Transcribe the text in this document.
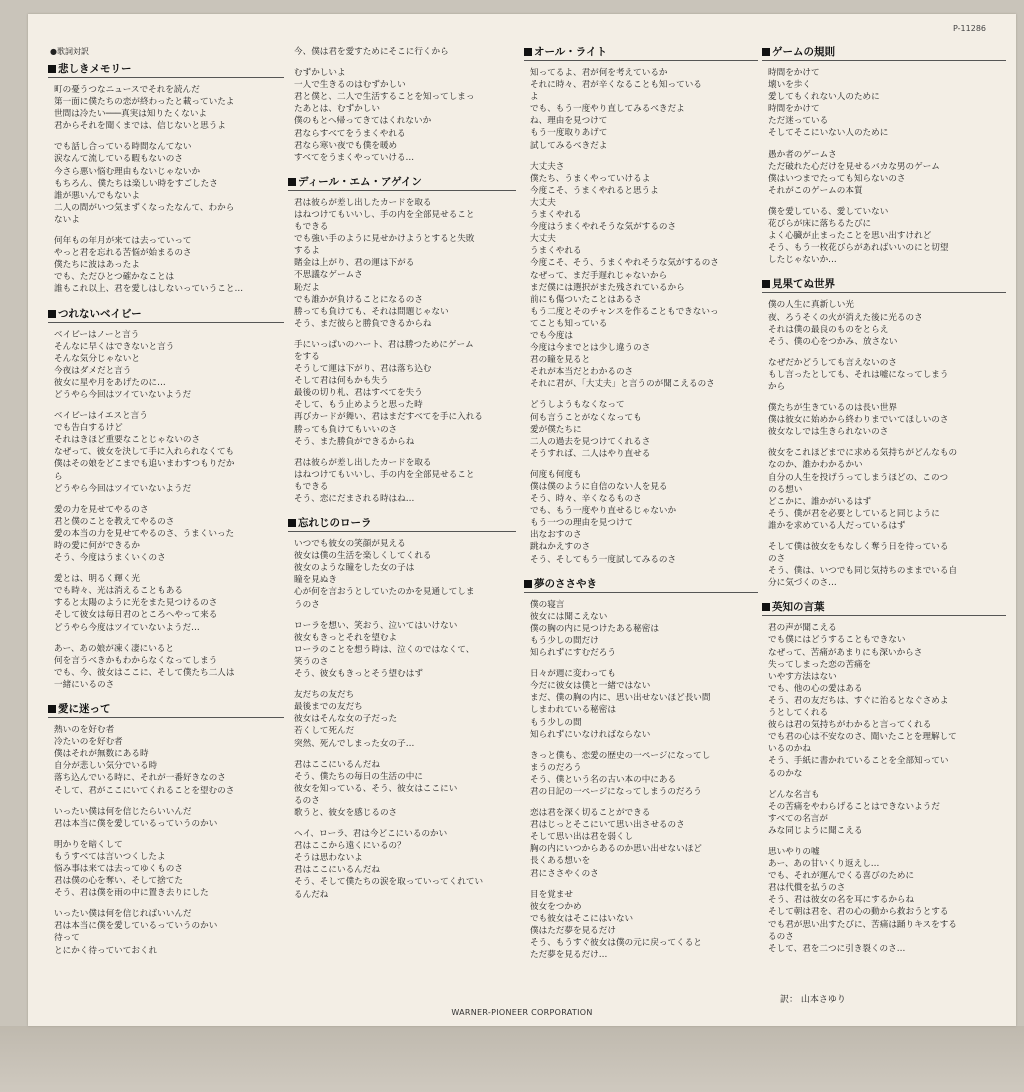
P-11286
●歌詞対訳
悲しきメモリー
町の憂うつなニュースでそれを読んだ
第一面に僕たちの恋が終わったと載っていたよ
世間は冷たい───真実は知りたくないよ
君からそれを聞くまでは、信じないと思うよ
でも話し合っている時間なんてない
涙なんて流している暇もないのさ
今さら悪い悩む理由もないじゃないか
もちろん、僕たちは楽しい時をすごしたさ
誰が悪いんでもないよ
二人の間がいつ気まずくなったなんて、わから
ないよ
何年もの年月が来ては去っていって
やっと君を忘れる苦悩が始まるのさ
僕たちに波はあったよ
でも、ただひとつ確かなことは
誰もこれ以上、君を愛しはしないっていうこと…
つれないベイビー
ベイビーはノーと言う
そんなに早くはできないと言う
そんな気分じゃないと
今夜はダメだと言う
彼女に星や月をあげたのに…
どうやら今回はツイていないようだ
ベイビーはイエスと言う
でも告白するけど
それはきほど重要なことじゃないのさ
なぜって、彼女を決して手に入れられなくても
僕はその娘をどこまでも追いまわすつもりだか
ら
どうやら今回はツイていないようだ
愛の力を見せてやるのさ
君と僕のことを教えてやるのさ
愛の本当の力を見せてやるのさ、うまくいった
時の愛に何ができるか
そう、今度はうまくいくのさ
愛とは、明るく輝く光
でも時々、光は消えることもある
すると太陽のように光をまた見つけるのさ
そして彼女は毎日君のところへやって来る
どうやら今度はツイていないようだ…
あー、あの娘が凍く凄にいると
何を言うべきかもわからなくなってしまう
でも、今、彼女はここに、そして僕たち二人は
一緒にいるのさ
愛に迷って
熱いのを好む者
冷たいのを好む者
僕はそれが無数にある時
自分が悲しい気分でいる時
落ち込んでいる時に、それが一番好きなのさ
そして、君がここにいてくれることを望むのさ
いったい僕は何を信じたらいいんだ
君は本当に僕を愛しているっていうのかい
明かりを暗くして
もうすべては言いつくしたよ
悩み事は来ては去ってゆくものさ
君は僕の心を奪い、そして捨てた
そう、君は僕を雨の中に置き去りにした
いったい僕は何を信じればいいんだ
君は本当に僕を愛しているっていうのかい
待って
とにかく待っていておくれ
今、僕は君を愛すためにそこに行くから
むずかしいよ
一人で生きるのはむずかしい
君と僕と、二人で生活することを知ってしまっ
たあとは、むずかしい
僕のもとへ帰ってきてはくれないか
君ならすべてをうまくやれる
君なら寒い夜でも僕を暖め
すべてをうまくやっていける…
ディール・エム・アゲイン
君は彼らが差し出したカードを取る
はねつけてもいいし、手の内を全部見せること
もできる
でも強い手のように見せかけようとすると失敗
するよ
賭金は上がり、君の運は下がる
不思議なゲームさ
恥だよ
でも誰かが負けることになるのさ
勝っても負けても、それは問題じゃない
そう、まだ彼らと勝負できるからね
手にいっぱいのハート、君は勝つためにゲーム
をする
そうして運は下がり、君は落ち込む
そして君は何もかも失う
最後の切り札、君はすべてを失う
そして、もう止めようと思った時
再びカードが舞い、君はまだすべてを手に入れる
勝っても負けてもいいのさ
そう、また勝負ができるからね
君は彼らが差し出したカードを取る
はねつけてもいいし、手の内を全部見せること
もできる
そう、恋にだまされる時はね…
忘れじのローラ
いつでも彼女の笑顔が見える
彼女は僕の生活を楽しくしてくれる
彼女のような瞳をした女の子は
瞳を見ぬき
心が何を言おうとしていたのかを見通してしま
うのさ
ローラを想い、笑おう、泣いてはいけない
彼女もきっとそれを望むよ
ローラのことを想う時は、泣くのではなくて、
笑うのさ
そう、彼女もきっとそう望むはず
友だちの友だち
最後までの友だち
彼女はそんな女の子だった
若くして死んだ
突然、死んでしまった女の子…
君はここにいるんだね
そう、僕たちの毎日の生活の中に
彼女を知っている、そう、彼女はここにい
るのさ
歌うと、彼女を感じるのさ
ヘイ、ローラ、君は今どこにいるのかい
君はここから遠くにいるの？
そうは思わないよ
君はここにいるんだね
そう、そして僕たちの涙を取っていってくれてい
るんだね
オール・ライト
知ってるよ、君が何を考えているか
それに時々、君が辛くなることも知っている
よ
でも、もう一度やり直してみるべきだよ
ね、理由を見つけて
もう一度取りあげて
試してみるべきだよ
大丈夫さ
僕たち、うまくやっていけるよ
今度こそ、うまくやれると思うよ
大丈夫
うまくやれる
今度はうまくやれそうな気がするのさ
大丈夫
うまくやれる
今度こそ、そう、うまくやれそうな気がするのさ
なぜって、まだ手遅れじゃないから
まだ僕には選択がまた残されているから
前にも傷ついたことはあるさ
もう二度とそのチャンスを作ることもできないっ
てことも知っている
でも今度は
今度は今までとは少し違うのさ
君の瞳を見ると
それが本当だとわかるのさ
それに君が、「大丈夫」と言うのが聞こえるのさ
どうしようもなくなって
何も言うことがなくなっても
愛が僕たちに
二人の過去を見つけてくれるさ
そうすれば、二人はやり直せる
何度も何度も
僕は僕のように自信のない人を見る
そう、時々、辛くなるものさ
でも、もう一度やり直せるじゃないか
もう一つの理由を見つけて
出なおすのさ
跳ねかえすのさ
そう、そしてもう一度試してみるのさ
夢のささやき
僕の寝言
彼女には聞こえない
僕の胸の内に見つけたある秘密は
もう少しの間だけ
知られずにすむだろう
日々が週に変わっても
今だに彼女は僕と一緒ではない
まだ、僕の胸の内に、思い出せないほど長い間
しまわれている秘密は
もう少しの間
知られずにいなければならない
きっと僕も、恋愛の歴史の一ページになってし
まうのだろう
そう、僕という名の古い本の中にある
君の日記の一ページになってしまうのだろう
恋は君を深く切ることができる
君はじっとそこにいて思い出させるのさ
そして思い出は君を弱くし
胸の内にいつからあるのか思い出せないほど
長くある想いを
君にささやくのさ
目を覚ませ
彼女をつかめ
でも彼女はそこにはいない
僕はただ夢を見るだけ
そう、もうすぐ彼女は僕の元に戻ってくると
ただ夢を見るだけ…
ゲームの規則
時間をかけて
壊いを歩く
愛してもくれない人のために
時間をかけて
ただ迷っている
そしてそこにいない人のために
愚か者のゲームさ
ただ破れた心だけを見せるバカな男のゲーム
僕はいつまでたっても知らないのさ
それがこのゲームの本質
僕を愛している、愛していない
花びらが床に落ちるたびに
よく心臓が止まったことを思い出すけれど
そう、もう一枚花びらがあればいいのにと切望
したじゃないか…
見果てぬ世界
僕の人生に真新しい光
夜、ろうそくの火が消えた後に光るのさ
それは僕の最良のものをとらえ
そう、僕の心をつかみ、放さない
なぜだかどうしても言えないのさ
もし言ったとしても、それは嘘になってしまう
から
僕たちが生きているのは長い世界
僕は彼女に始めから終わりまでいてほしいのさ
彼女なしでは生きられないのさ
彼女をこれほどまでに求める気持ちがどんなもの
なのか、誰かわかるかい
自分の人生を投げうってしまうほどの、このつ
のる想い
どこかに、誰かがいるはず
そう、僕が君を必要としていると同じように
誰かを求めている人だっているはず
そして僕は彼女をもなしく奪う日を待っている
のさ
そう、僕は、いつでも同じ気持ちのままでいる自
分に気づくのさ…
英知の言葉
君の声が聞こえる
でも僕にはどうすることもできない
なぜって、苦痛があまりにも深いからさ
失ってしまった恋の苦痛を
いやす方法はない
でも、他の心の愛はある
そう、君の友だちは、すぐに治るとなぐさめよ
うとしてくれる
彼らは君の気持ちがわかると言ってくれる
でも君の心は不安なのさ、聞いたことを理解して
いるのかね
そう、手紙に書かれていることを全部知ってい
るのかな
どんな名言も
その苦痛をやわらげることはできないようだ
すべての名言が
みな同じように聞こえる
思いやりの嘘
あー、あの甘いくり返えし…
でも、それが運んでくる喜びのために
君は代償を払うのさ
そう、君は彼女の名を耳にするからね
そして朝は君を、君の心の動から救おうとする
でも君が思い出すたびに、苦痛は踊りキスをする
るのさ
そして、君を二つに引き裂くのさ…
WARNER-PIONEER CORPORATION
訳： 山本さゆり
